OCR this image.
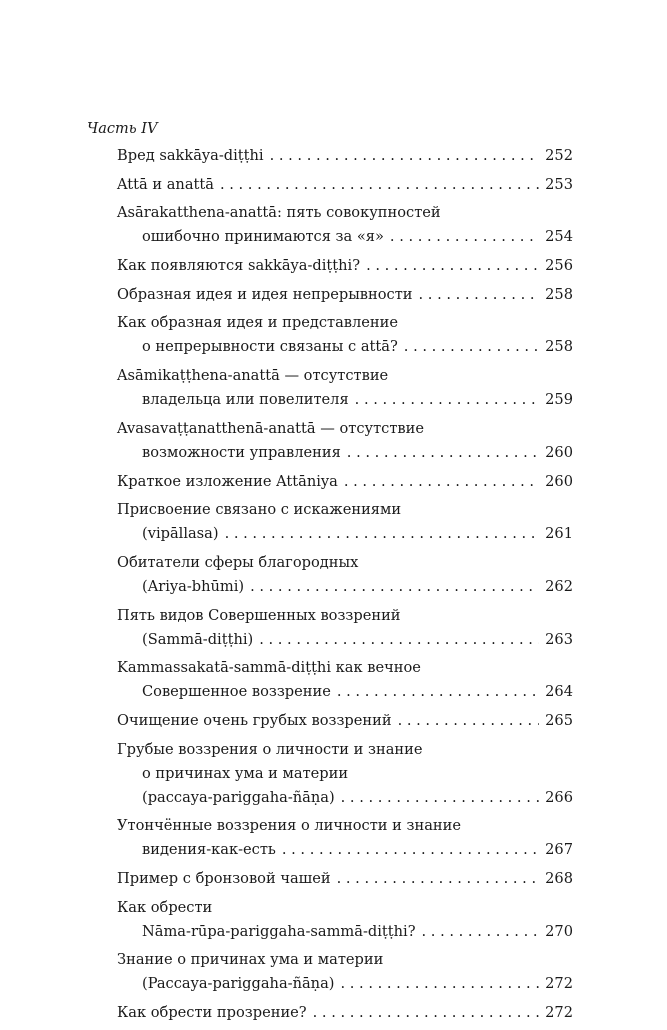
Часть IV
Вред sakkāya-diṭṭhi . . .	252
Attā и anattā . . .	253
Asārakatthena-anattā: пять совокупностей
ошибочно принимаются за «я» . . .	254
Как появляются sakkāya-diṭṭhi? . . .	256
Образная идея и идея непрерывности . . .	258
Как образная идея и представление
о непрерывности связаны с attā? . . .	258
Asāmikaṭṭhena-anattā — отсутствие
владельца или повелителя . . .	259
Avasavaṭṭanatthenā-anattā — отсутствие
возможности управления . . .	260
Краткое изложение Attāniya . . .	260
Присвоение связано с искажениями
(vipāllasa) . . .	261
Обитатели сферы благородных
(Ariya-bhūmi) . . .	262
Пять видов Совершенных воззрений
(Sammā-diṭṭhi) . . .	263
Kammassakatā-sammā-diṭṭhi как вечное
Совершенное воззрение . . .	264
Очищение очень грубых воззрений . . .	265
Грубые воззрения о личности и знание
о причинах ума и материи
(paccaya-pariggaha-ñāṇa) . . .	266
Утончённые воззрения о личности и знание
видения-как-есть . . .	267
Пример с бронзовой чашей . . .	268
Как обрести
Nāma-rūpa-pariggaha-sammā-diṭṭhi? . . .	270
Знание о причинах ума и материи
(Paccaya-pariggaha-ñāṇa) . . .	272
Как обрести прозрение? . . .	272
